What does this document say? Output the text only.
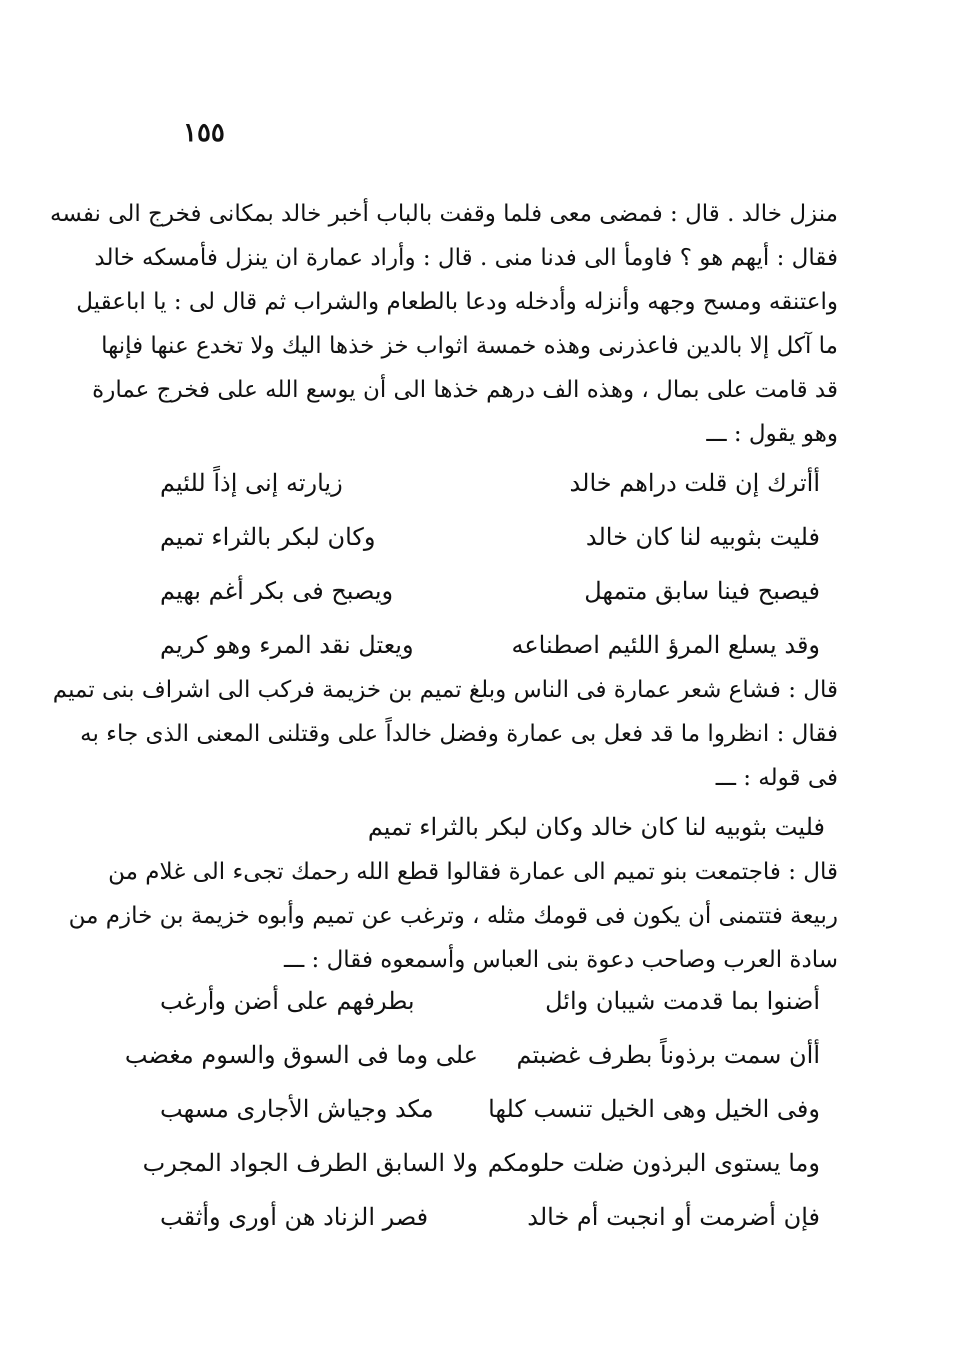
١٥٥
منزل خالد . قال : فمضى معى فلما وقفت بالباب أخبر خالد بمكانى فخرج الى نفسه
فقال : أيهم هو ؟ فاومأ الى فدنا منى . قال : وأراد عمارة ان ينزل فأمسكه خالد
واعتنقه ومسح وجهه وأنزله وأدخله ودعا بالطعام والشراب ثم قال لى : يا اباعقيل
ما آكل إلا بالدين فاعذرنى وهذه خمسة اثواب خز خذها اليك ولا تخدع عنها فإنها
قد قامت على بمال ، وهذه الف درهم خذها الى أن يوسع الله على فخرج عمارة
وهو يقول : ـــ
أأترك إن قلت دراهم خالد
زيارته إنى إذاً للئيم
فليت بثوبيه لنا كان خالد
وكان لبكر بالثراء تميم
فيصبح فينا سابق متمهل
ويصبح فى بكر أغم بهيم
وقد يسلع المرؤ اللئيم اصطناعه
ويعتل نقد المرء وهو كريم
قال : فشاع شعر عمارة فى الناس وبلغ تميم بن خزيمة فركب الى اشراف بنى تميم
فقال : انظروا ما قد فعل بى عمارة وفضل خالداً على وقتلنى المعنى الذى جاء به
فى قوله : ـــ
فليت بثوبيه لنا كان خالد وكان لبكر بالثراء تميم
قال : فاجتمعت بنو تميم الى عمارة فقالوا قطع الله رحمك تجىء الى غلام من
ربيعة فتتمنى أن يكون فى قومك مثله ، وترغب عن تميم وأبوه خزيمة بن خازم من
سادة العرب وصاحب دعوة بنى العباس وأسمعوه فقال : ـــ
أضنوا بما قدمت شيبان وائل
بطرفهم على أضن وأرغب
أأن سمت برذوناً بطرف غضبتم
على وما فى السوق والسوم مغضب
وفى الخيل وهى الخيل تنسب كلها
مكد وجياش الأجارى مسهب
وما يستوى البرذون ضلت حلومكم
ولا السابق الطرف الجواد المجرب
فإن أضرمت أو انجبت أم خالد
فصر الزناد هن أورى وأثقب
